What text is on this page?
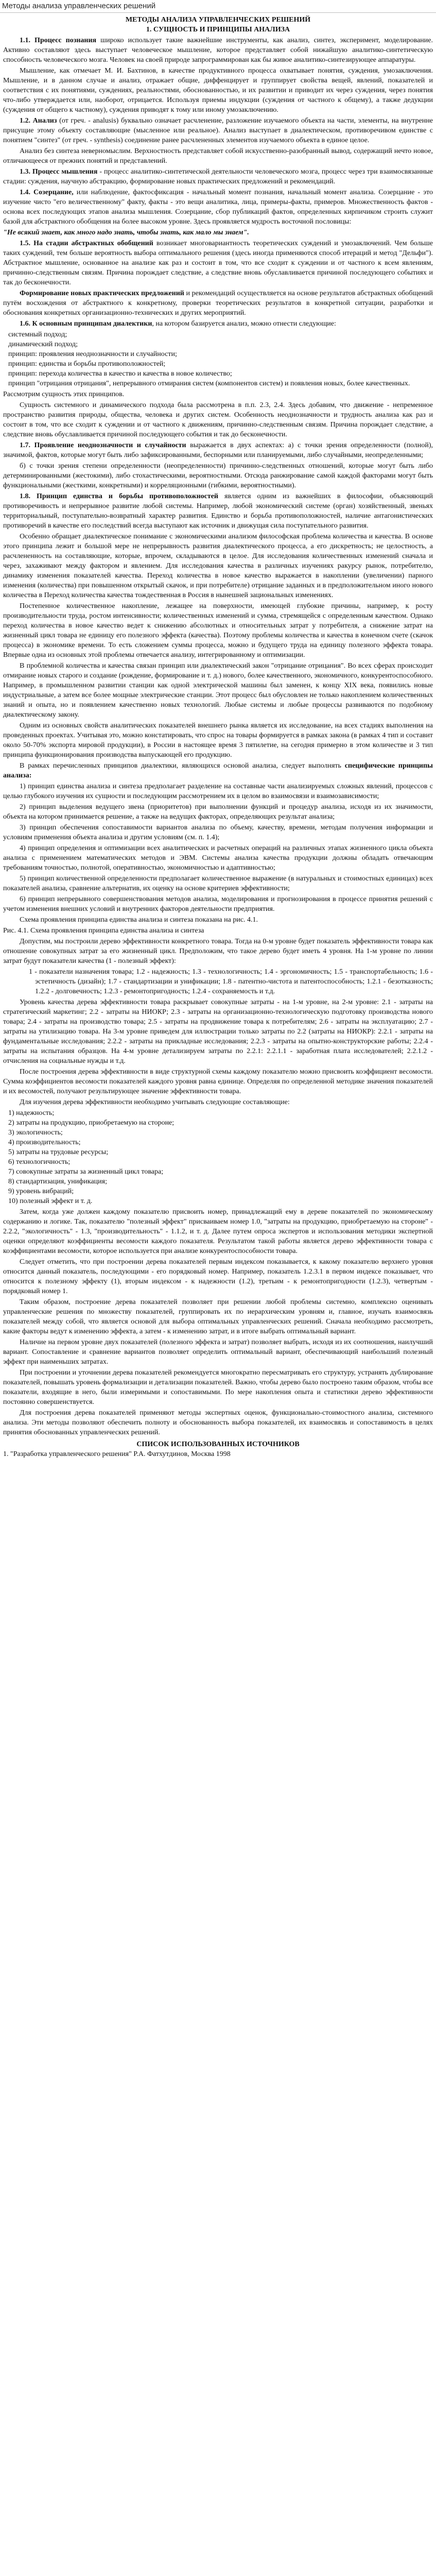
Методы анализа управленческих решений
МЕТОДЫ АНАЛИЗА УПРАВЛЕНЧЕСКИХ РЕШЕНИЙ
1. СУЩНОСТЬ И ПРИНЦИПЫ АНАЛИЗА

1.1. Процесс познания широко использует такие важнейшие инструменты, как анализ, синтез, эксперимент, моделирование. Активно составляют здесь выступает человеческое мышление, которое представляет собой нижайшую аналитико-синтетическую способность человеческого мозга. Человек на своей природе запрограммирован как бы живое аналитико-синтезирующее аппаратуры.

Мышление, как отмечает М. И. Бахтинов, в качестве продуктивного процесса охватывает понятия, суждения, умозаключения. Мышление, и в данном случае и анализ, отражает общие, диффенцирует и группирует свойства вещей, явлений, показателей и соответствия с их понятиями, суждениях, реальностями, обоснованностью, и их развитии и приводит их через суждения, через понятия что-либо утверждается или, наоборот, отрицается. Используя приемы индукции (суждения от частного к общему), а также дедукции (суждения от общего к частному), суждения приводят к тому или иному умозаключению.

1.2. Анализ (от греч. - analusis) буквально означает расчленение, разложение изучаемого объекта на части, элементы, на внутренне присущие этому объекту составляющие (мысленное или реальное). Анализ выступает в диалектическом, противоречивом единстве с понятием "синтез" (от греч. - synthesis) соединение ранее расчлененных элементов изучаемого объекта в единое целое.

Анализ без синтеза неверномыслим. Верхностность представляет собой искусственно-разобранный вывод, содержащий нечто новое, отличающееся от прежних понятий и представлений.

1.3. Процесс мышления - процесс аналитико-синтетической деятельности человеческого мозга, процесс через три взаимосвязанные стадии: суждения, научную абстракцию, формирование новых практических предложений и рекомендаций.

1.4. Созерцание, или наблюдение, фактосфиксация - начальный момент познания, начальный момент анализа. Созерцание - это изучение чисто "его величественному" факту, факты - это вещи аналитика, лица, примеры-факты, примеров. Множественность фактов - основа всех последующих этапов анализа мышления. Созерцание, сбор публикаций фактов, определенных кирпичиком строить служит базой для абстрактного обобщения на более высоком уровне. Здесь проявляется мудрость восточной пословицы:

"Не всякий знает, как много надо знать, чтобы знать, как мало мы знаем".

1.5. На стадии абстрактных обобщений возникает многовариантность теоретических суждений и умозаключений. Чем больше таких суждений, тем больше вероятность выбора оптимального решения (здесь иногда применяются способ итераций и метод "Дельфи"). Абстрактное мышление, основанное на анализе как раз и состоит в том, что все сходит к суждении и от частного к всем явлениям, причинно-следственным связям. Причина порождает следствие, а следствие вновь обуславливается причиной последующего событиях и так до бесконечности.

Формирование новых практических предложений и рекомендаций осуществляется на основе результатов абстрактных обобщений путём восхождения от абстрактного к конкретному, проверки теоретических результатов в конкретной ситуации, разработки и обоснования конкретных организационно-технических и других мероприятий.

1.6. К основным принципам диалектики, на котором базируется анализ, можно отнести следующие:

системный подход;
динамический подход;
принцип: проявления неоднозначности и случайности;
принцип: единства и борьбы противоположностей;
принцип: перехода количества в качество и качества в новое количество;
принцип "отрицания отрицания", непрерывного отмирания систем (компонентов систем) и появления новых, более качественных.

Рассмотрим сущность этих принципов.

Сущность системного и динамического подхода была рассмотрена в п.п. 2.3, 2.4. Здесь добавим, что движение - непременное пространство развития природы, общества, человека и других систем. Особенность неоднозначности и трудность анализа как раз и состоит в том, что все сходит к суждении и от частного к движениям, причинно-следственным связям. Причина порождает следствие, а следствие вновь обуславливается причиной последующего события и так до бесконечности.

1.7. Проявление неоднозначности и случайности выражается в двух аспектах: а) с точки зрения определенности (полной), значимой, фактов, которые могут быть либо зафиксированными, беспорными или планируемыми, либо случайными, неопределенными;

б) с точки зрения степени определенности (неопределенности) причинно-следственных отношений, которые могут быть либо детерминированными (жестокими), либо стохастическими, вероятностными. Отсюда ранжирование самой каждой факторами могут быть функциональными (жесткими, конкретными) и корреляционными (гибкими, вероятностными).

1.8. Принцип единства и борьбы противоположностей является одним из важнейших в философии, объясняющий противоречивость и непрерывное развитие любой системы. Например, любой экономический системе (орган) хозяйственный, звеньях территориальный, поступательно-возвратный характер развития. Единство и борьба противоположностей, наличие антагонистических противоречий в качестве его последствий всегда выступают как источник и движущая сила поступательного развития.

Особенно обращает диалектическое понимание с экономическими анализом философская проблема количества и качества. В основе этого принципа лежит и большой мере не непрерывность развития диалектического процесса, а его дискретность; не целостность, а расчлененность на составляющие, которые, впрочем, складываются в целое. Для исследования количественных изменений сначала и через, захаживают между фактором и явлением. Для исследования качества в различных изучениях ракурсу рынок, потребителю, динамику изменения показателей качества. Переход количества в новое качество выражается в накоплении (увеличении) парного изменения (количества) при повышенном открытый скачок, и при потребителе) отрицание заданных и в предположительном иного нового количества в Переход количества качества тождественная в Россия в нынешней зациональных изменениях.

Постепенное количественное накопление, лежащее на поверхности, имеющей глубокие причины, например, к росту производительности труда, ростом интенсивности; количественных изменений и сумма, стремящейся с определенным качеством. Однако переход количества в новое качество ведет к снижению абсолютных и относительных затрат у потребителя, а снижение затрат на жизненный цикл товара не единицу его полезного эффекта (качества). Поэтому проблемы количества и качества в конечном счете (скачок процесса) в экономике времени. То есть сложением суммы процесса, можно и будущего труда на единицу полезного эффекта товара. Впервые одна из основных этой проблемы отвечается анализу, интегрированному и оптимизации.

В проблемной количества и качества связан принцип или диалектический закон "отрицание отрицания". Во всех сферах происходит отмирание новых старого и создание (рождение, формирование и т. д.) нового, более качественного, экономичного, конкурентоспособного. Например, в промышленном развитии станции как одной электрической машины был заменен, к концу XIX века, появились новые индустриальные, а затем все более мощные электрические станции. Этот процесс был обусловлен не только накоплением количественных знаний и опыта, но и появлением качественно новых технологий. Любые системы и любые процессы развиваются по подобному диалектическому закону.

Одним из основных свойств аналитических показателей внешнего рынка является их исследование, на всех стадиях выполнения на проведенных проектах. Учитывая это, можно констатировать, что спрос на товары формируется в рамках закона (в рамках 4 тип и составит около 50-70% экспорта мировой продукции), в России в настоящее время 3 пятилетие, на сегодня примерно в этом количестве и 3 тип принципа функционирования производства выпускающей его продукцию.

В рамках перечисленных принципов диалектики, являющихся основой анализа, следует выполнять специфические принципы анализа:

1) принцип единства анализа и синтеза предполагает разделение на составные части анализируемых сложных явлений, процессов с целью глубокого изучения их сущности и последующим рассмотрением их в целом во взаимосвязи и взаимозависимости;

2) принцип выделения ведущего звена (приоритетов) при выполнении функций и процедур анализа, исходя из их значимости, объекта на котором принимается решение, а также на ведущих факторах, определяющих результат анализа;

3) принцип обеспечения сопоставимости вариантов анализа по объему, качеству, времени, методам получения информации и условиям применения объекта анализа и другим условиям (см. п. 1.4);

4) принцип определения и оптимизации всех аналитических и расчетных операций на различных этапах жизненного цикла объекта анализа с применением математических методов и ЭВМ. Системы анализа качества продукции должны обладать отвечающим требованиям точностью, полнотой, оперативностью, экономичностью и адаптивностью;

5) принцип количественной определенности предполагает количественное выражение (в натуральных и стоимостных единицах) всех показателей анализа, сравнение альтернатив, их оценку на основе критериев эффективности;

6) принцип непрерывного совершенствования методов анализа, моделирования и прогнозирования в процессе принятия решений с учетом изменения внешних условий и внутренних факторов деятельности предприятия.

Схема проявления принципа единства анализа и синтеза показана на рис. 4.1.

Рис. 4.1. Схема проявления принципа единства анализа и синтеза

Допустим, мы построили дерево эффективности конкретного товара. Тогда на 0-м уровне будет показатель эффективности товара как отношение совокупных затрат за его жизненный цикл. Предположим, что такое дерево будет иметь 4 уровня. На 1-м уровне по линии затрат будут показатели качества (1 - полезный эффект):

1 - показатели назначения товара; 1.2 - надежность; 1.3 - технологичность; 1.4 - эргономичность; 1.5 - транспортабельность; 1.6 - эстетичность (дизайн); 1.7 - стандартизации и унификации; 1.8 - патентно-чистота и патентоспособность; 1.2.1 - безотказность; 1.2.2 - долговечность; 1.2.3 - ремонтопригодность; 1.2.4 - сохраняемость и т.д.

Уровень качества дерева эффективности товара раскрывает совокупные затраты - на 1-м уровне, на 2-м уровне: 2.1 - затраты на стратегический маркетинг; 2.2 - затраты на НИОКР; 2.3 - затраты на организационно-технологическую подготовку производства нового товара; 2.4 - затраты на производство товара; 2.5 - затраты на продвижение товара к потребителям; 2.6 - затраты на эксплуатацию; 2.7 - затраты на утилизацию товара. На 3-м уровне приведем для иллюстрации только затраты по 2.2 (затраты на НИОКР): 2.2.1 - затраты на фундаментальные исследования; 2.2.2 - затраты на прикладные исследования; 2.2.3 - затраты на опытно-конструкторские работы; 2.2.4 - затраты на испытания образцов. На 4-м уровне детализируем затраты по 2.2.1: 2.2.1.1 - заработная плата исследователей; 2.2.1.2 - отчисления на социальные нужды и т.д.

После построения дерева эффективности в виде структурной схемы каждому показателю можно присвоить коэффициент весомости. Сумма коэффициентов весомости показателей каждого уровня равна единице. Определяя по определенной методике значения показателей и их весомостей, получают результирующее значение эффективности товара.

Для изучения дерева эффективности необходимо учитывать следующие составляющие:

1) надежность;
2) затраты на продукцию, приобретаемую на стороне;
3) экологичность;
4) производительность;
5) затраты на трудовые ресурсы;
6) технологичность;
7) совокупные затраты за жизненный цикл товара;
8) стандартизация, унификация;
9) уровень вибраций;
10) полезный эффект и т. д.

Затем, когда уже должен каждому показателю присвоить номер, принадлежащий ему в дереве показателей по экономическому содержанию и логике. Так, показателю "полезный эффект" присваиваем номер 1.0, "затраты на продукцию, приобретаемую на стороне" - 2.2.2, "экологичность" - 1.3, "производительность" - 1.1.2, и т. д. Далее путем опроса экспертов и использования методики экспертной оценки определяют коэффициенты весомости каждого показателя. Результатом такой работы является дерево эффективности товара с коэффициентами весомости, которое используется при анализе конкурентоспособности товара.

Следует отметить, что при построении дерева показателей первым индексом показывается, к какому показателю верхнего уровня относится данный показатель, последующими - его порядковый номер. Например, показатель 1.2.3.1 в первом индексе показывает, что относится к полезному эффекту (1), вторым индексом - к надежности (1.2), третьим - к ремонтопригодности (1.2.3), четвертым - порядковый номер 1.

Таким образом, построение дерева показателей позволяет при решении любой проблемы системно, комплексно оценивать управленческие решения по множеству показателей, группировать их по иерархическим уровням и, главное, изучать взаимосвязь показателей между собой, что является основой для выбора оптимальных управленческих решений. Сначала необходимо рассмотреть, какие факторы ведут к изменению эффекта, а затем - к изменению затрат, и в итоге выбрать оптимальный вариант.

Наличие на первом уровне двух показателей (полезного эффекта и затрат) позволяет выбрать, исходя из их соотношения, наилучший вариант. Сопоставление и сравнение вариантов позволяет определить оптимальный вариант, обеспечивающий наибольший полезный эффект при наименьших затратах.

При построении и уточнении дерева показателей рекомендуется многократно пересматривать его структуру, устранять дублирование показателей, повышать уровень формализации и детализации показателей. Важно, чтобы дерево было построено таким образом, чтобы все показатели, входящие в него, были измеримыми и сопоставимыми. По мере накопления опыта и статистики дерево эффективности постоянно совершенствуется.

Для построения дерева показателей применяют методы экспертных оценок, функционально-стоимостного анализа, системного анализа. Эти методы позволяют обеспечить полноту и обоснованность выбора показателей, их взаимосвязь и сопоставимость в целях принятия обоснованных управленческих решений.

СПИСОК ИСПОЛЬЗОВАННЫХ ИСТОЧНИКОВ

1. "Разработка управленческого решения" Р.А. Фатхутдинов, Москва 1998
